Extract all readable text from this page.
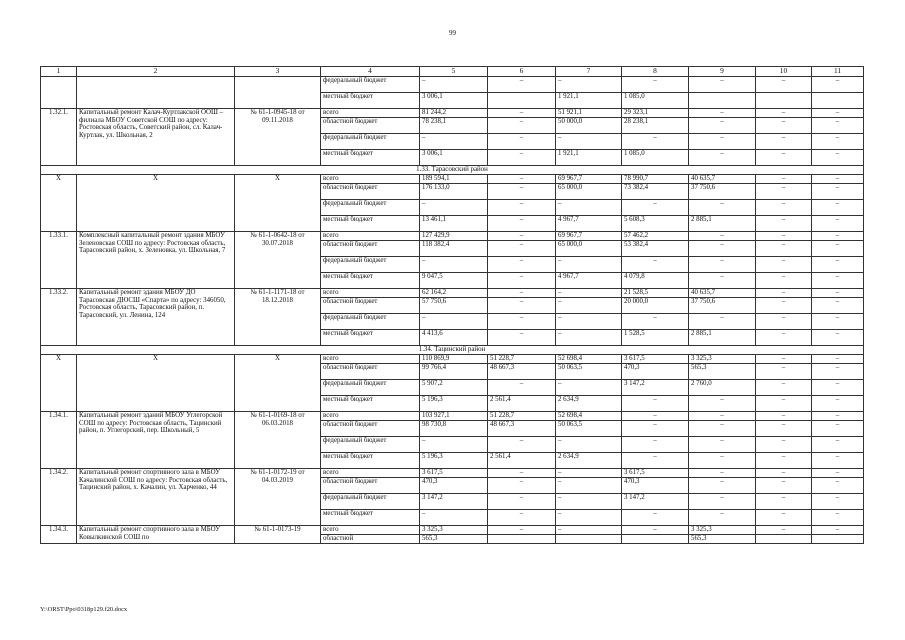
99
1	2	3	4	5	6	7	8	9	10	11
			федеральный бюджет	–	–	–	–	–	–	–
			местный бюджет	3 006,1		1 921,1	1 085,0			
1.32.1.	Капитальный ремонт Калач-Куртлакской ООШ – филиала МБОУ Советской СОШ по адресу: Ростовская область, Советский район, сл. Калач-Куртлак, ул. Школьная, 2	№ 61-1-0945-18 от 09.11.2018	всего	81 244,2	–	51 921,1	29 323,1	–	–	–
			областной бюджет	78 238,1	–	50 000,0	28 238,1	–	–	–
			федеральный бюджет	–	–	–	–	–	–	–
			местный бюджет	3 006,1	–	1 921,1	1 085,0	–	–	–
1.33. Тарасовский район										
Х	Х	Х	всего	189 594,1	–	69 967,7	78 990,7	40 635,7	–	–
			областной бюджет	176 133,0	–	65 000,0	73 382,4	37 750,6	–	–
			федеральный бюджет	–	–	–	–	–	–	–
			местный бюджет	13 461,1	–	4 967,7	5 608,3	2 885,1	–	–
1.33.1.	Комплексный капитальный ремонт здания МБОУ Зеленовская СОШ по адресу: Ростовская область, Тарасовский район, х. Зеленовка, ул. Школьная, 7	№ 61-1-0642-18 от 30.07.2018	всего	127 429,9	–	69 967,7	57 462,2	–	–	–
			областной бюджет	118 382,4	–	65 000,0	53 382,4	–	–	–
			федеральный бюджет	–	–	–	–	–	–	–
			местный бюджет	9 047,5	–	4 967,7	4 079,8	–	–	–
1.33.2.	Капитальный ремонт здания МБОУ ДО Тарасовская ДЮСШ «Спарта» по адресу: 346050, Ростовская область, Тарасовский район, п. Тарасовский, ул. Ленина, 124	№ 61-1-1171-18 от 18.12.2018	всего	62 164,2	–	–	21 528,5	40 635,7	–	–
			областной бюджет	57 750,6	–	–	20 000,0	37 750,6	–	–
			федеральный бюджет	–	–	–	–	–	–	–
			местный бюджет	4 413,6	–	–	1 528,5	2 885,1	–	–
1.34. Тацинский район										
Х	Х	Х	всего	110 869,9	51 228,7	52 698,4	3 617,5	3 325,3	–	–
			областной бюджет	99 766,4	48 667,3	50 063,5	470,3	565,3	–	–
			федеральный бюджет	5 907,2	–	–	3 147,2	2 760,0	–	–
			местный бюджет	5 196,3	2 561,4	2 634,9	–	–	–	–
1.34.1.	Капитальный ремонт зданий МБОУ Углегорской СОШ по адресу: Ростовская область, Тацинский район, п. Углегорский, пер. Школьный, 5	№ 61-1-0169-18 от 06.03.2018	всего	103 927,1	51 228,7	52 698,4	–	–	–	–
			областной бюджет	98 730,8	48 667,3	50 063,5	–	–	–	–
			федеральный бюджет	–	–	–	–	–	–	–
			местный бюджет	5 196,3	2 561,4	2 634,9	–	–	–	–
1.34.2.	Капитальный ремонт спортивного зала в МБОУ Качалинской СОШ по адресу: Ростовская область, Тацинский район, х. Качалин, ул. Харченко, 44	№ 61-1-0172-19 от 04.03.2019	всего	3 617,5	–	–	3 617,5	–	–	–
			областной бюджет	470,3	–	–	470,3	–	–	–
			федеральный бюджет	3 147,2	–	–	3 147,2	–	–	–
			местный бюджет	–	–	–	–	–	–	–
1.34.3.	Капитальный ремонт спортивного зала в МБОУ Ковылкинской СОШ по	№ 61-1-0173-19	всего	3 325,3	–	–	–	3 325,3	–	–
			областной	565,3				565,3		
Y:\ORST\Ppo\0318p129.f20.docx
